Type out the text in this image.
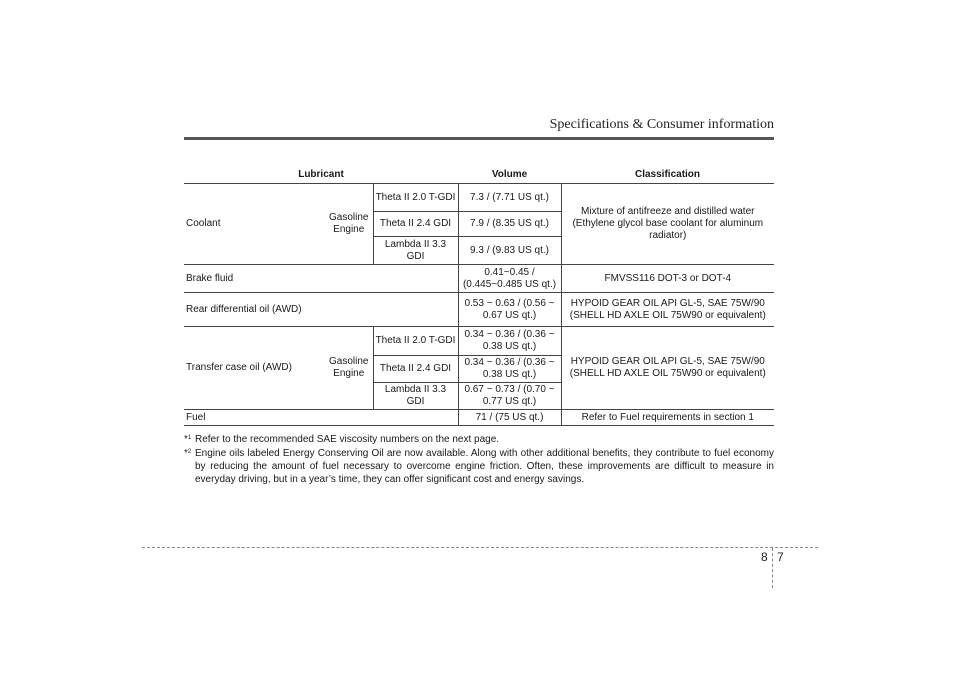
Specifications & Consumer information
Lubricant			Volume	Classification
Coolant	Gasoline Engine	Theta II 2.0 T-GDI	7.3 / (7.71 US qt.)	Mixture of antifreeze and distilled water (Ethylene glycol base coolant for aluminum radiator)
		Theta II 2.4 GDI	7.9 / (8.35 US qt.)	
		Lambda II 3.3 GDI	9.3 / (9.83 US qt.)	
Brake fluid			0.41~0.45 / (0.445~0.485 US qt.)	FMVSS116 DOT-3 or DOT-4
Rear differential oil (AWD)			0.53 ~ 0.63 / (0.56 ~ 0.67 US qt.)	HYPOID GEAR OIL API GL-5, SAE 75W/90 (SHELL HD AXLE OIL 75W90 or equivalent)
Transfer case oil (AWD)	Gasoline Engine	Theta II 2.0 T-GDI	0.34 ~ 0.36 / (0.36 ~ 0.38 US qt.)	HYPOID GEAR OIL API GL-5, SAE 75W/90 (SHELL HD AXLE OIL 75W90 or equivalent)
		Theta II 2.4 GDI	0.34 ~ 0.36 / (0.36 ~ 0.38 US qt.)	
		Lambda II 3.3 GDI	0.67 ~ 0.73 / (0.70 ~ 0.77 US qt.)	
Fuel			71 / (75 US qt.)	Refer to Fuel requirements in section 1
*$^1$ Refer to the recommended SAE viscosity numbers on the next page.
*$^2$ Engine oils labeled Energy Conserving Oil are now available. Along with other additional benefits, they contribute to fuel economy by reducing the amount of fuel necessary to overcome engine friction. Often, these improvements are difficult to measure in everyday driving, but in a year’s time, they can offer significant cost and energy savings.
8 7
